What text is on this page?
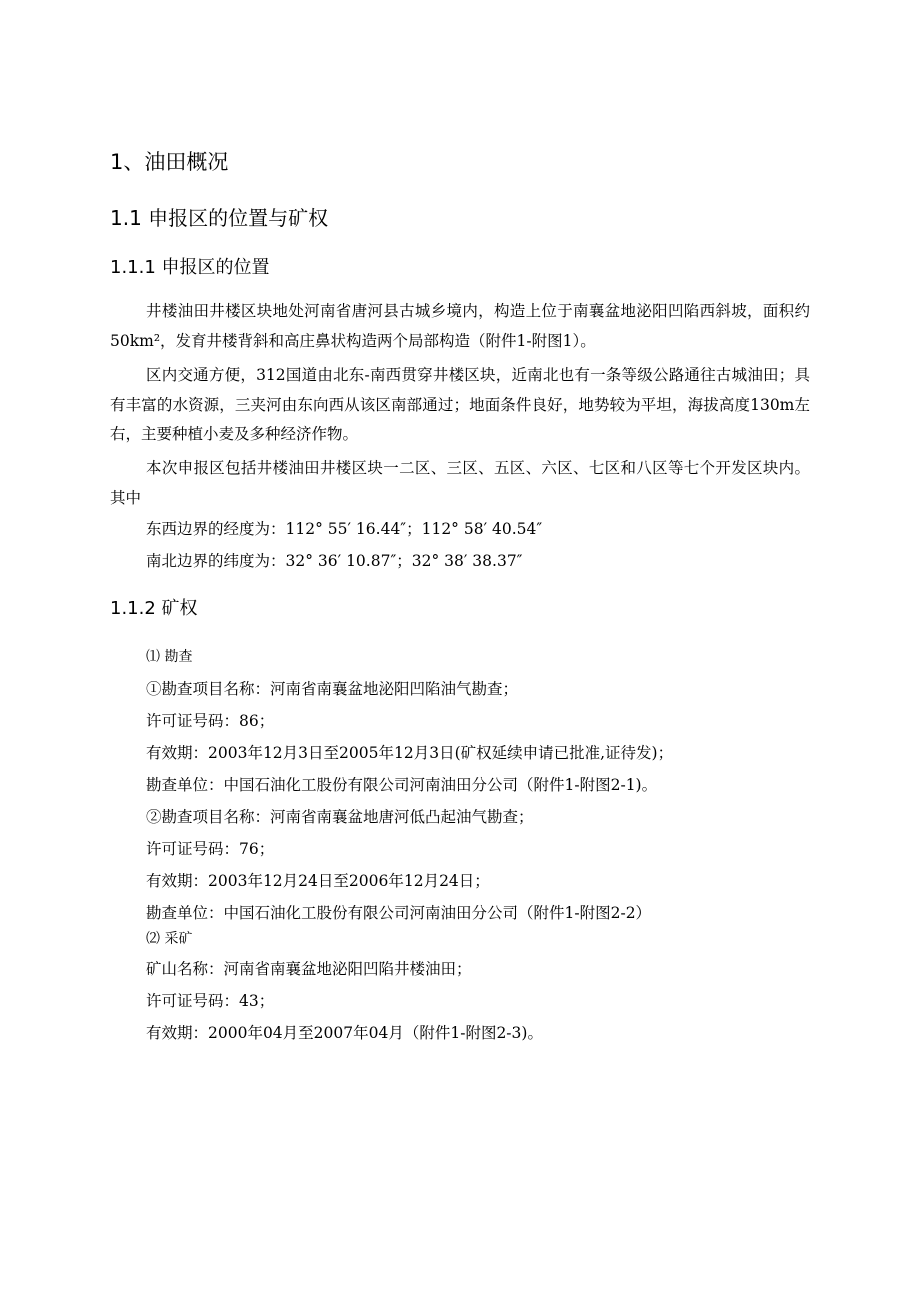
1、油田概况
1.1 申报区的位置与矿权
1.1.1 申报区的位置
井楼油田井楼区块地处河南省唐河县古城乡境内，构造上位于南襄盆地泌阳凹陷西斜坡，面积约50km²，发育井楼背斜和高庄鼻状构造两个局部构造（附件1-附图1）。
区内交通方便，312国道由北东-南西贯穿井楼区块，近南北也有一条等级公路通往古城油田；具有丰富的水资源，三夹河由东向西从该区南部通过；地面条件良好，地势较为平坦，海拔高度130m左右，主要种植小麦及多种经济作物。
本次申报区包括井楼油田井楼区块一二区、三区、五区、六区、七区和八区等七个开发区块内。其中
东西边界的经度为：112° 55′ 16.44″；112° 58′ 40.54″
南北边界的纬度为：32° 36′ 10.87″；32° 38′ 38.37″
1.1.2 矿权
⑴ 勘查
①勘查项目名称：河南省南襄盆地泌阳凹陷油气勘查；
许可证号码：86；
有效期：2003年12月3日至2005年12月3日(矿权延续申请已批准,证待发)；
勘查单位：中国石油化工股份有限公司河南油田分公司（附件1-附图2-1)。
②勘查项目名称：河南省南襄盆地唐河低凸起油气勘查；
许可证号码：76；
有效期：2003年12月24日至2006年12月24日；
勘查单位：中国石油化工股份有限公司河南油田分公司（附件1-附图2-2）
⑵ 采矿
矿山名称：河南省南襄盆地泌阳凹陷井楼油田；
许可证号码：43；
有效期：2000年04月至2007年04月（附件1-附图2-3)。
